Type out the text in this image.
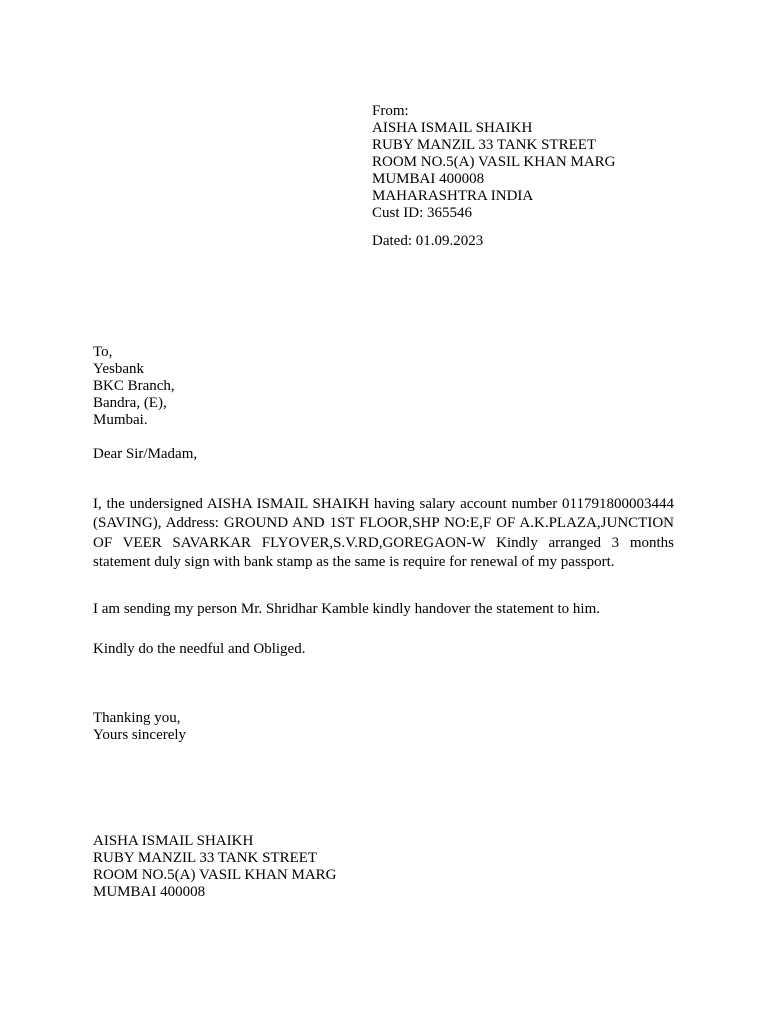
From:
AISHA ISMAIL SHAIKH
RUBY MANZIL 33 TANK STREET
ROOM NO.5(A) VASIL KHAN MARG
MUMBAI 400008
MAHARASHTRA INDIA
Cust ID: 365546
Dated: 01.09.2023
To,
Yesbank
BKC Branch,
Bandra, (E),
Mumbai.
Dear Sir/Madam,

I, the undersigned AISHA ISMAIL SHAIKH having salary account number 011791800003444 (SAVING), Address: GROUND AND 1ST FLOOR,SHP NO:E,F OF A.K.PLAZA,JUNCTION OF VEER SAVARKAR FLYOVER,S.V.RD,GOREGAON-W Kindly arranged 3 months statement duly sign with bank stamp as the same is require for renewal of my passport.

I am sending my person Mr. Shridhar Kamble kindly handover the statement to him.

Kindly do the needful and Obliged.

Thanking you,
Yours sincerely
AISHA ISMAIL SHAIKH
RUBY MANZIL 33 TANK STREET
ROOM NO.5(A) VASIL KHAN MARG
MUMBAI 400008
